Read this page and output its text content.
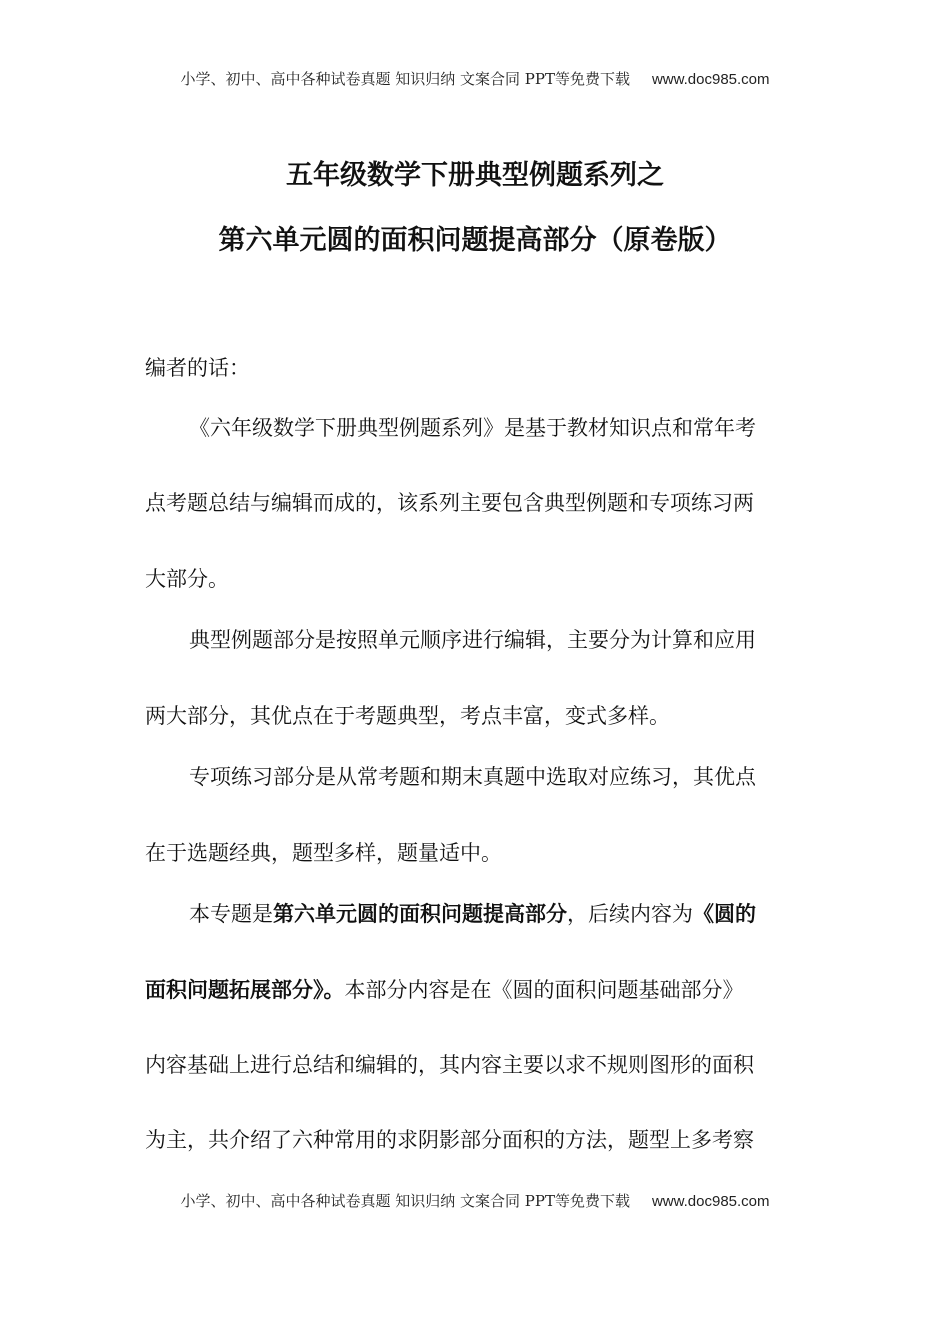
小学、初中、高中各种试卷真题 知识归纳 文案合同 PPT等免费下载 www.doc985.com
五年级数学下册典型例题系列之
第六单元圆的面积问题提高部分（原卷版）
编者的话：
《六年级数学下册典型例题系列》是基于教材知识点和常年考
点考题总结与编辑而成的，该系列主要包含典型例题和专项练习两
大部分。
典型例题部分是按照单元顺序进行编辑，主要分为计算和应用
两大部分，其优点在于考题典型，考点丰富，变式多样。
专项练习部分是从常考题和期末真题中选取对应练习，其优点
在于选题经典，题型多样，题量适中。
本专题是第六单元圆的面积问题提高部分，后续内容为《圆的
面积问题拓展部分》。本部分内容是在《圆的面积问题基础部分》
内容基础上进行总结和编辑的，其内容主要以求不规则图形的面积
为主，共介绍了六种常用的求阴影部分面积的方法，题型上多考察
小学、初中、高中各种试卷真题 知识归纳 文案合同 PPT等免费下载 www.doc985.com
